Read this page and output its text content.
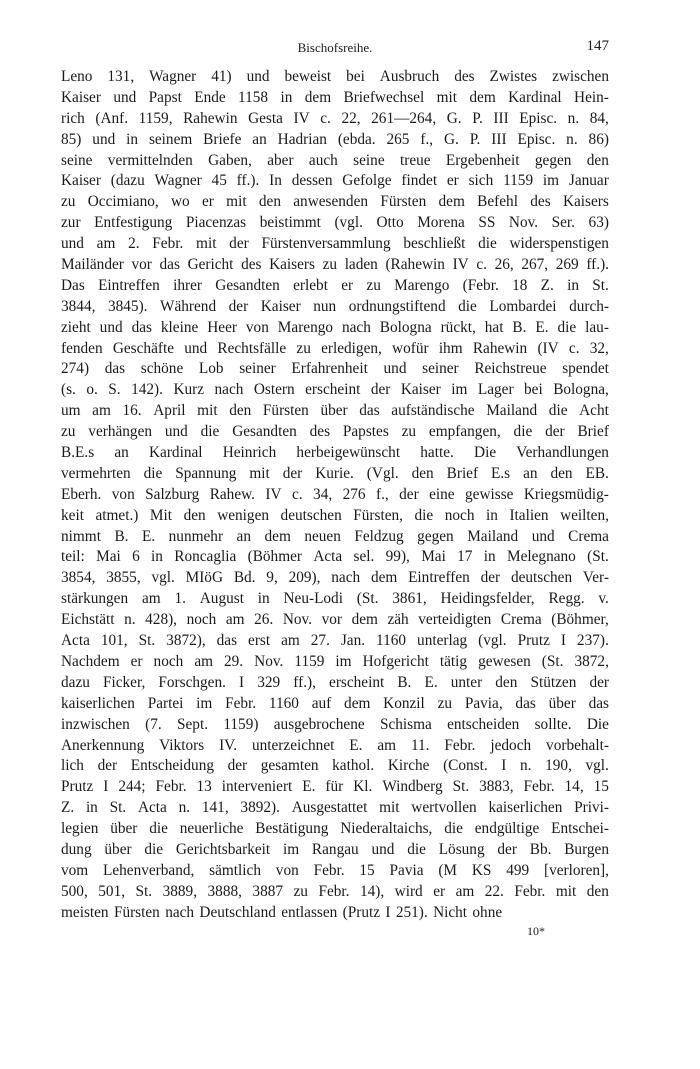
Bischofsreihe.	147
Leno 131, Wagner 41) und beweist bei Ausbruch des Zwistes zwischen
Kaiser und Papst Ende 1158 in dem Briefwechsel mit dem Kardinal Hein-
rich (Anf. 1159, Rahewin Gesta IV c. 22, 261—264, G. P. III Episc. n. 84,
85) und in seinem Briefe an Hadrian (ebda. 265 f., G. P. III Episc. n. 86)
seine vermittelnden Gaben, aber auch seine treue Ergebenheit gegen den
Kaiser (dazu Wagner 45 ff.). In dessen Gefolge findet er sich 1159 im Januar
zu Occimiano, wo er mit den anwesenden Fürsten dem Befehl des Kaisers
zur Entfestigung Piacenzas beistimmt (vgl. Otto Morena SS Nov. Ser. 63)
und am 2. Febr. mit der Fürstenversammlung beschließt die widerspenstigen
Mailänder vor das Gericht des Kaisers zu laden (Rahewin IV c. 26, 267, 269 ff.).
Das Eintreffen ihrer Gesandten erlebt er zu Marengo (Febr. 18 Z. in St.
3844, 3845). Während der Kaiser nun ordnungstiftend die Lombardei durch-
zieht und das kleine Heer von Marengo nach Bologna rückt, hat B. E. die lau-
fenden Geschäfte und Rechtsfälle zu erledigen, wofür ihm Rahewin (IV c. 32,
274) das schöne Lob seiner Erfahrenheit und seiner Reichstreue spendet
(s. o. S. 142). Kurz nach Ostern erscheint der Kaiser im Lager bei Bologna,
um am 16. April mit den Fürsten über das aufständische Mailand die Acht
zu verhängen und die Gesandten des Papstes zu empfangen, die der Brief
B.E.s an Kardinal Heinrich herbeigewünscht hatte. Die Verhandlungen
vermehrten die Spannung mit der Kurie. (Vgl. den Brief E.s an den EB.
Eberh. von Salzburg Rahew. IV c. 34, 276 f., der eine gewisse Kriegsmüdig-
keit atmet.) Mit den wenigen deutschen Fürsten, die noch in Italien weilten,
nimmt B. E. nunmehr an dem neuen Feldzug gegen Mailand und Crema
teil: Mai 6 in Roncaglia (Böhmer Acta sel. 99), Mai 17 in Melegnano (St.
3854, 3855, vgl. MIöG Bd. 9, 209), nach dem Eintreffen der deutschen Ver-
stärkungen am 1. August in Neu-Lodi (St. 3861, Heidingsfelder, Regg. v.
Eichstätt n. 428), noch am 26. Nov. vor dem zäh verteidigten Crema (Böhmer,
Acta 101, St. 3872), das erst am 27. Jan. 1160 unterlag (vgl. Prutz I 237).
Nachdem er noch am 29. Nov. 1159 im Hofgericht tätig gewesen (St. 3872,
dazu Ficker, Forschgen. I 329 ff.), erscheint B. E. unter den Stützen der
kaiserlichen Partei im Febr. 1160 auf dem Konzil zu Pavia, das über das
inzwischen (7. Sept. 1159) ausgebrochene Schisma entscheiden sollte. Die
Anerkennung Viktors IV. unterzeichnet E. am 11. Febr. jedoch vorbehalt-
lich der Entscheidung der gesamten kathol. Kirche (Const. I n. 190, vgl.
Prutz I 244; Febr. 13 interveniert E. für Kl. Windberg St. 3883, Febr. 14, 15
Z. in St. Acta n. 141, 3892). Ausgestattet mit wertvollen kaiserlichen Privi-
legien über die neuerliche Bestätigung Niederaltaichs, die endgültige Entschei-
dung über die Gerichtsbarkeit im Rangau und die Lösung der Bb. Burgen
vom Lehenverband, sämtlich von Febr. 15 Pavia (M KS 499 [verloren],
500, 501, St. 3889, 3888, 3887 zu Febr. 14), wird er am 22. Febr. mit den
meisten Fürsten nach Deutschland entlassen (Prutz I 251). Nicht ohne
10*
